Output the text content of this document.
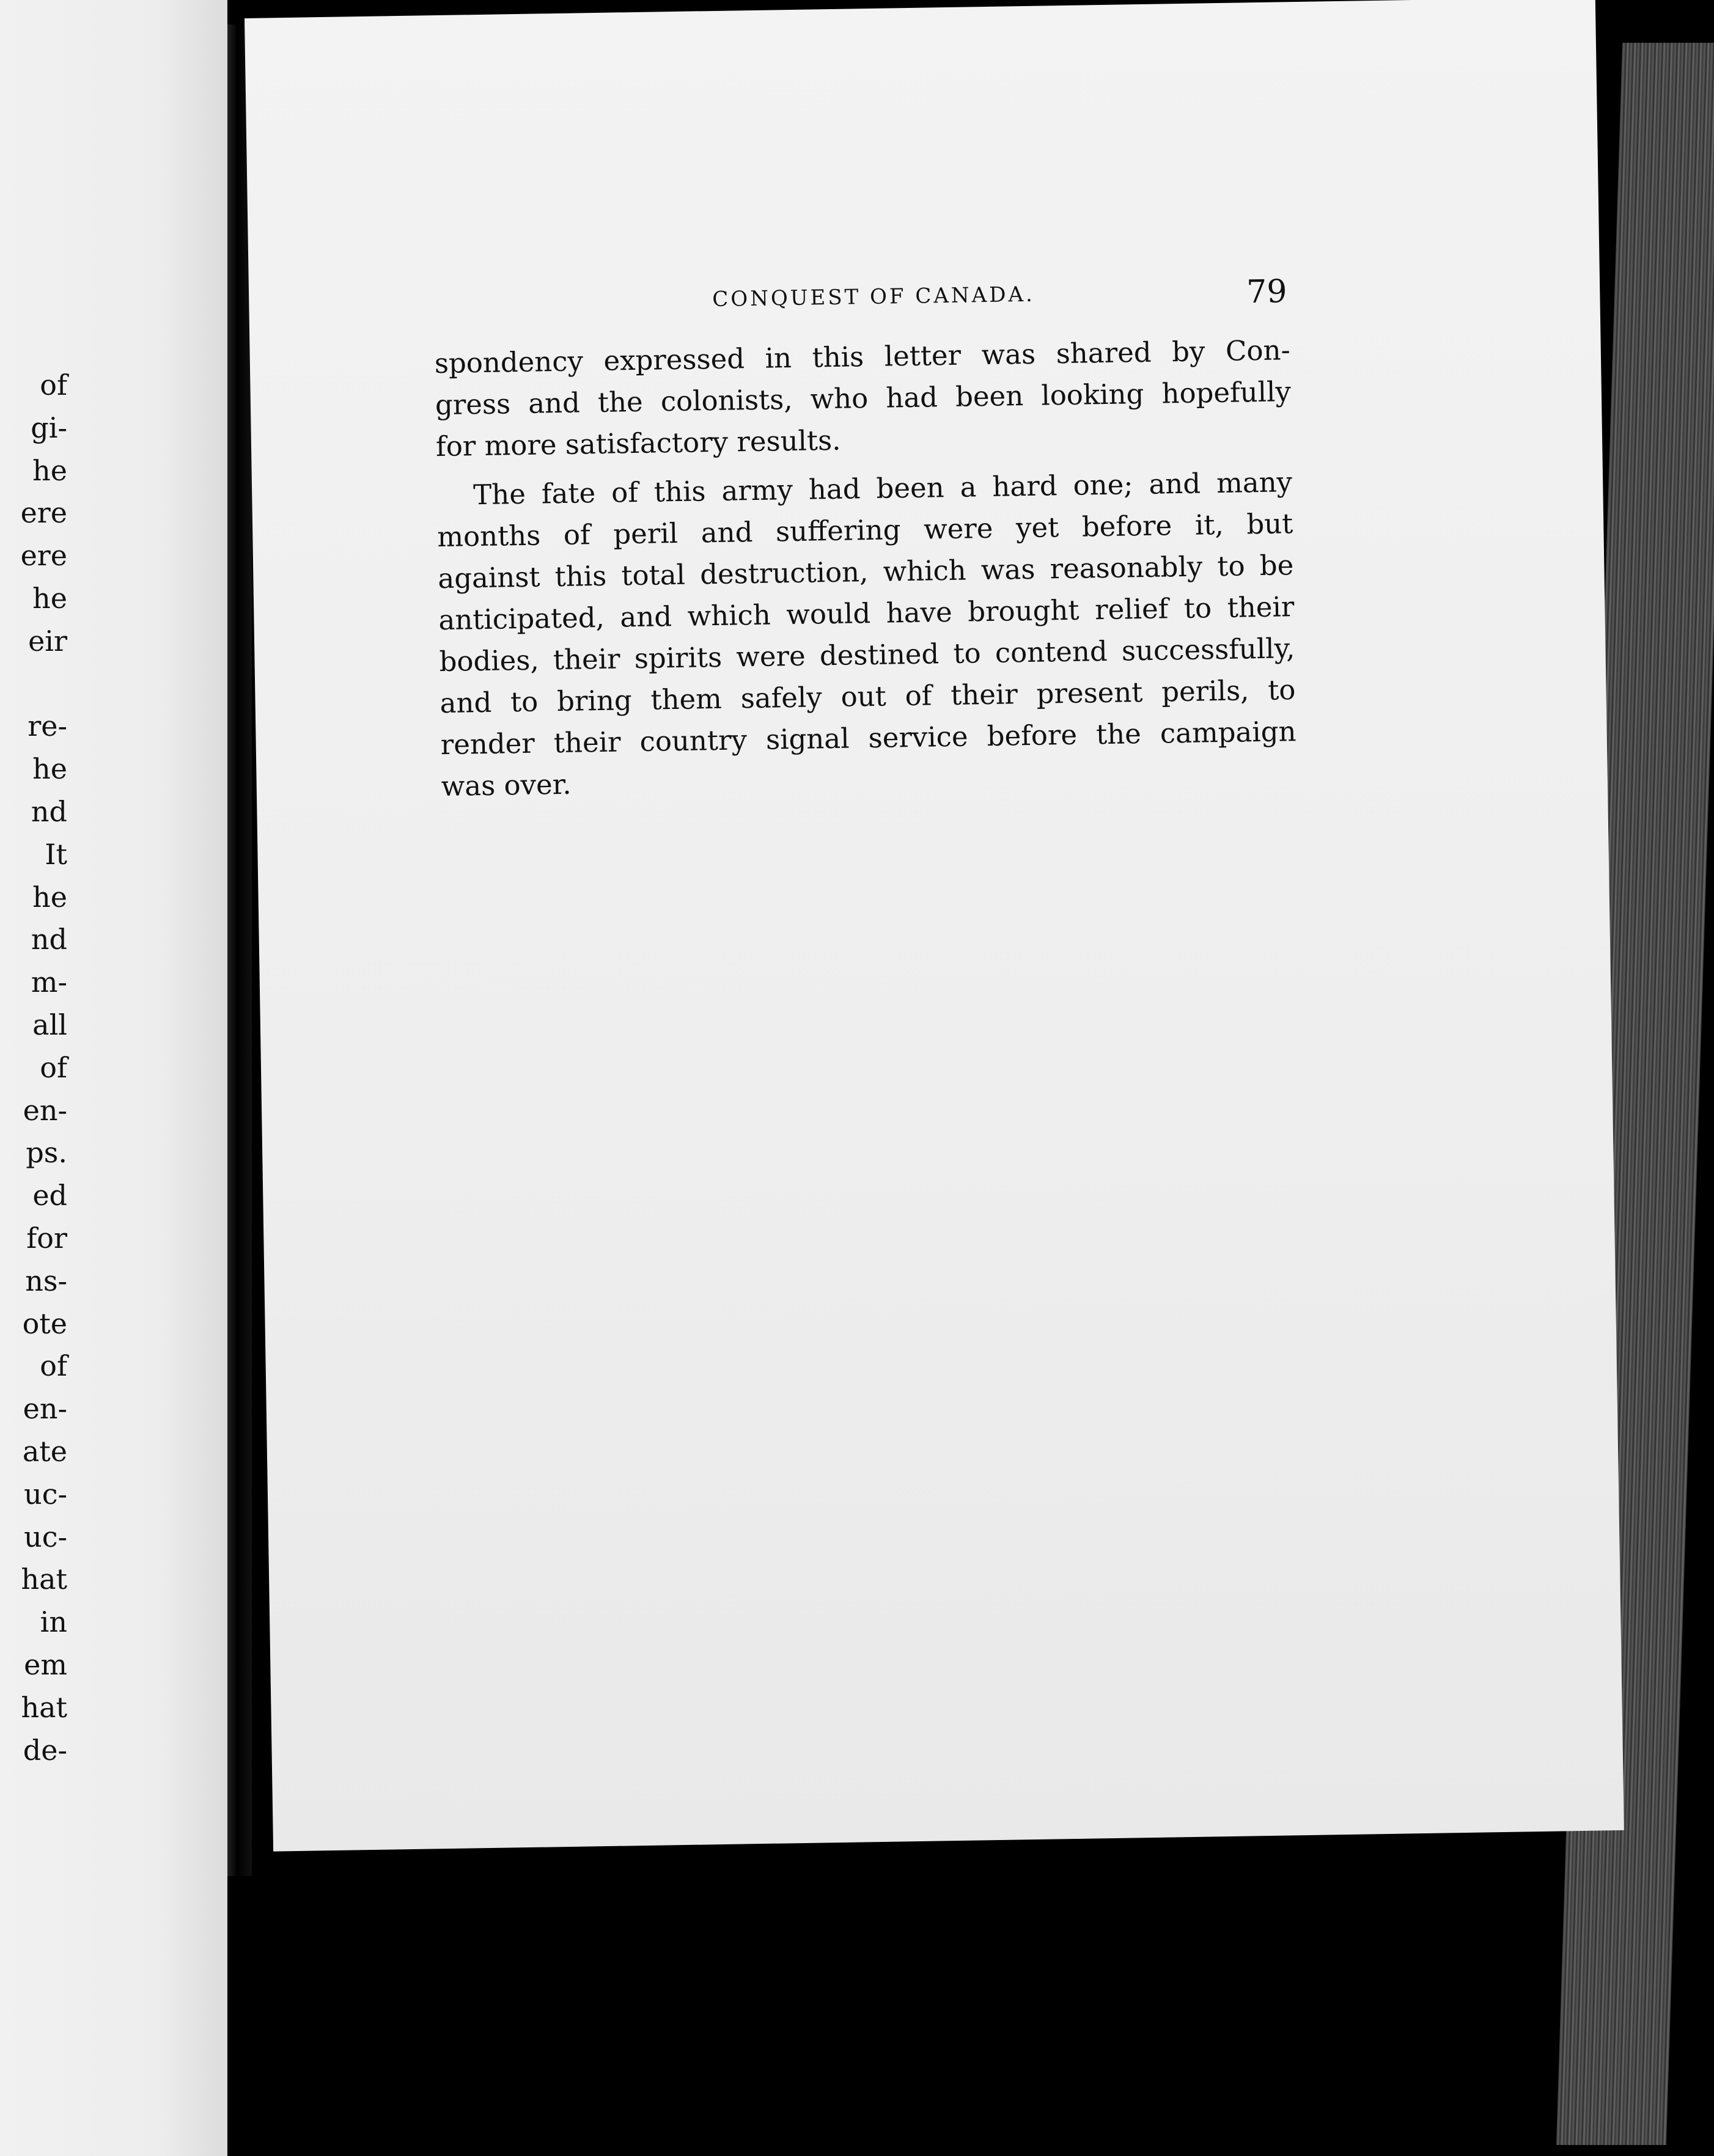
of
gi-
he
ere
ere
he
eir
re-
he
nd
It
he
nd
m-
all
of
en-
ps.
ed
for
ns-
ote
of
en-
ate
uc-
uc-
hat
in
em
hat
de-
CONQUEST OF CANADA.	79
spondency expressed in this letter was shared by Con-
gress and the colonists, who had been looking hopefully
for more satisfactory results.
The fate of this army had been a hard one; and many
months of peril and suffering were yet before it, but
against this total destruction, which was reasonably to be
anticipated, and which would have brought relief to their
bodies, their spirits were destined to contend successfully,
and to bring them safely out of their present perils, to
render their country signal service before the campaign
was over.
